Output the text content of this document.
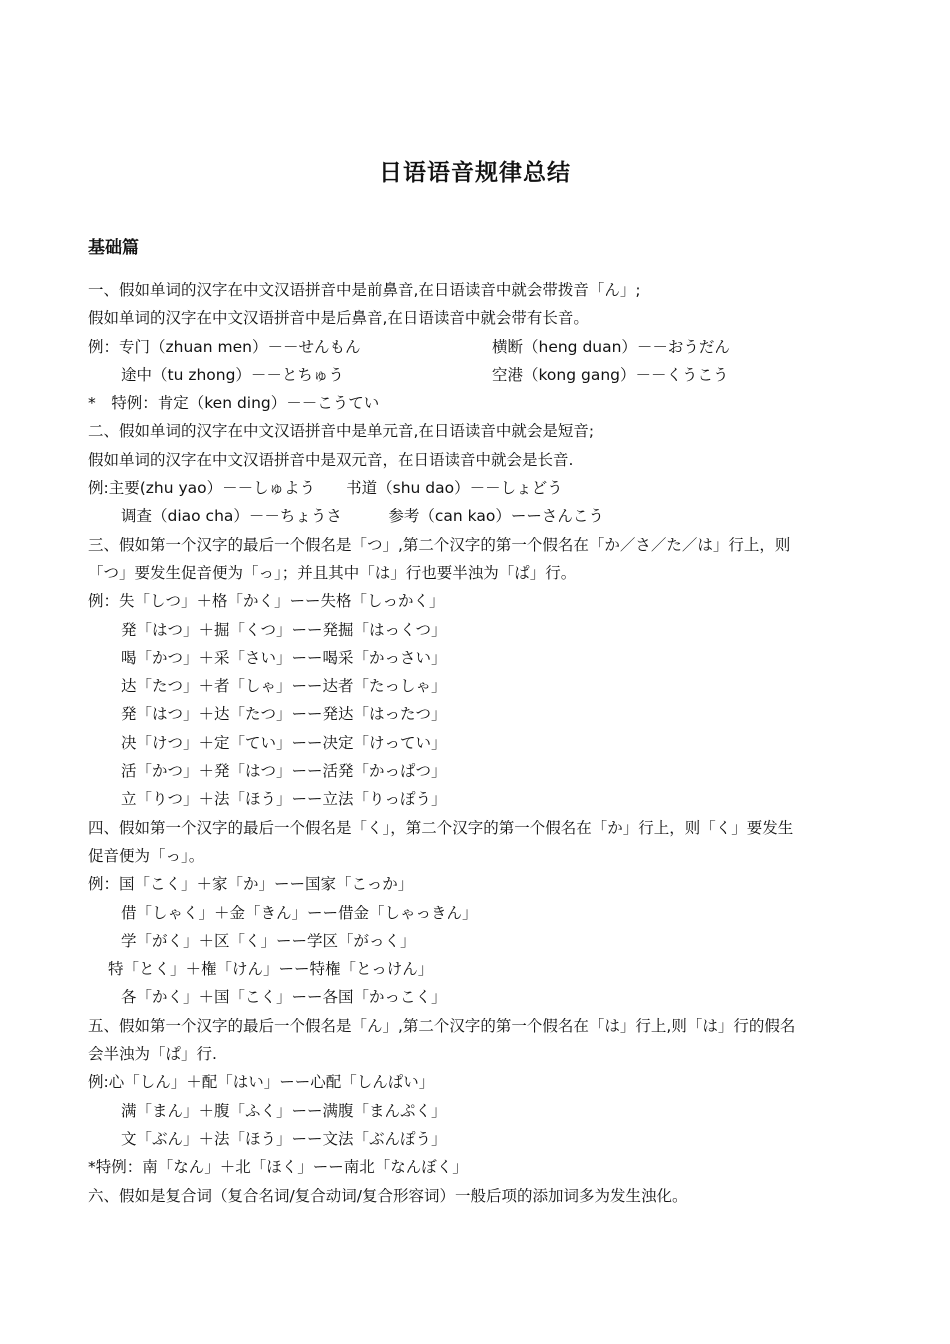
日语语音规律总结
基础篇
一、假如单词的汉字在中文汉语拼音中是前鼻音,在日语读音中就会带拨音「ん」;
假如单词的汉字在中文汉语拼音中是后鼻音,在日语读音中就会带有长音。
例：专门（zhuan men）－－せんもん	横断（heng duan）－－おうだん
途中（tu zhong）－－とちゅう	空港（kong gang）－－くうこう
*　特例：肯定（ken ding）－－こうてい
二、假如单词的汉字在中文汉语拼音中是单元音,在日语读音中就会是短音;
假如单词的汉字在中文汉语拼音中是双元音，在日语读音中就会是长音.
例:主要(zhu yao）－－しゅよう　　书道（shu dao）－－しょどう
调查（diao cha）－－ちょうさ　　　参考（can kao）ーーさんこう
三、假如第一个汉字的最后一个假名是「つ」,第二个汉字的第一个假名在「か／さ／た／は」行上，则
「つ」要发生促音便为「っ」；并且其中「は」行也要半浊为「ぱ」行。
例：失「しつ」＋格「かく」ーー失格「しっかく」
発「はつ」＋掘「くつ」ーー発掘「はっくつ」
喝「かつ」＋采「さい」ーー喝采「かっさい」
达「たつ」＋者「しゃ」ーー达者「たっしゃ」
発「はつ」＋达「たつ」ーー発达「はったつ」
决「けつ」＋定「てい」ーー决定「けってい」
活「かつ」＋発「はつ」ーー活発「かっぱつ」
立「りつ」＋法「ほう」ーー立法「りっぽう」
四、假如第一个汉字的最后一个假名是「く」，第二个汉字的第一个假名在「か」行上，则「く」要发生
促音便为「っ」。
例：国「こく」＋家「か」ーー国家「こっか」
借「しゃく」＋金「きん」ーー借金「しゃっきん」
学「がく」＋区「く」ーー学区「がっく」
特「とく」＋権「けん」ーー特権「とっけん」
各「かく」＋国「こく」ーー各国「かっこく」
五、假如第一个汉字的最后一个假名是「ん」,第二个汉字的第一个假名在「は」行上,则「は」行的假名
会半浊为「ぱ」行.
例:心「しん」＋配「はい」ーー心配「しんぱい」
满「まん」＋腹「ふく」ーー满腹「まんぷく」
文「ぶん」＋法「ほう」ーー文法「ぶんぽう」
*特例：南「なん」＋北「ほく」ーー南北「なんぼく」
六、假如是复合词（复合名词/复合动词/复合形容词）一般后项的添加词多为发生浊化。
